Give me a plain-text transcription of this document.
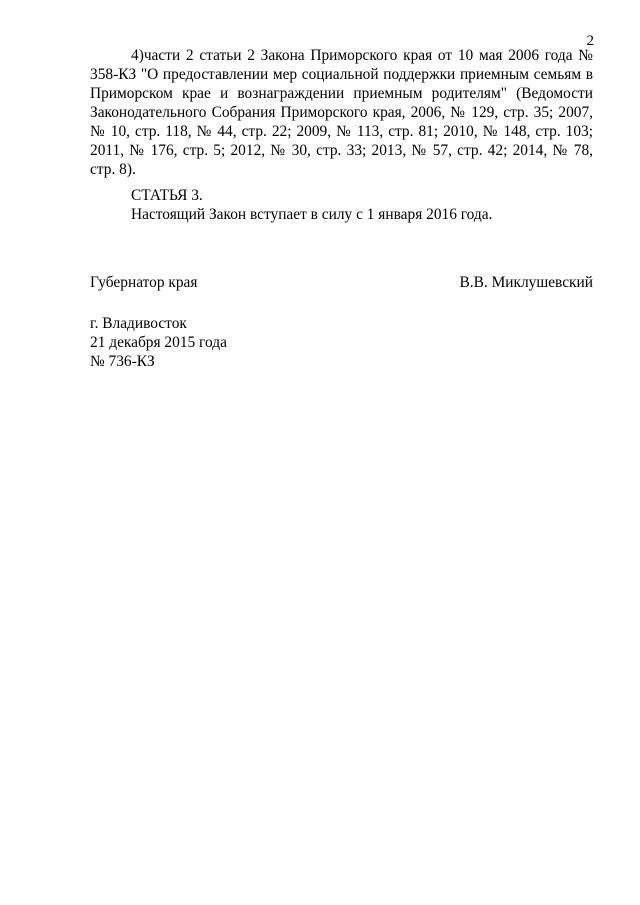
2
4)части 2 статьи 2 Закона Приморского края от 10 мая 2006 года № 358-КЗ "О предоставлении мер социальной поддержки приемным семьям в Приморском крае и вознаграждении приемным родителям" (Ведомости Законодательного Собрания Приморского края, 2006, № 129, стр. 35; 2007, № 10, стр. 118, № 44, стр. 22; 2009, № 113, стр. 81; 2010, № 148, стр. 103; 2011, № 176, стр. 5; 2012, № 30, стр. 33; 2013, № 57, стр. 42; 2014, № 78, стр. 8).
СТАТЬЯ 3.
Настоящий Закон вступает в силу с 1 января 2016 года.
Губернатор края	В.В. Миклушевский
г. Владивосток
21 декабря 2015 года
№ 736-КЗ
